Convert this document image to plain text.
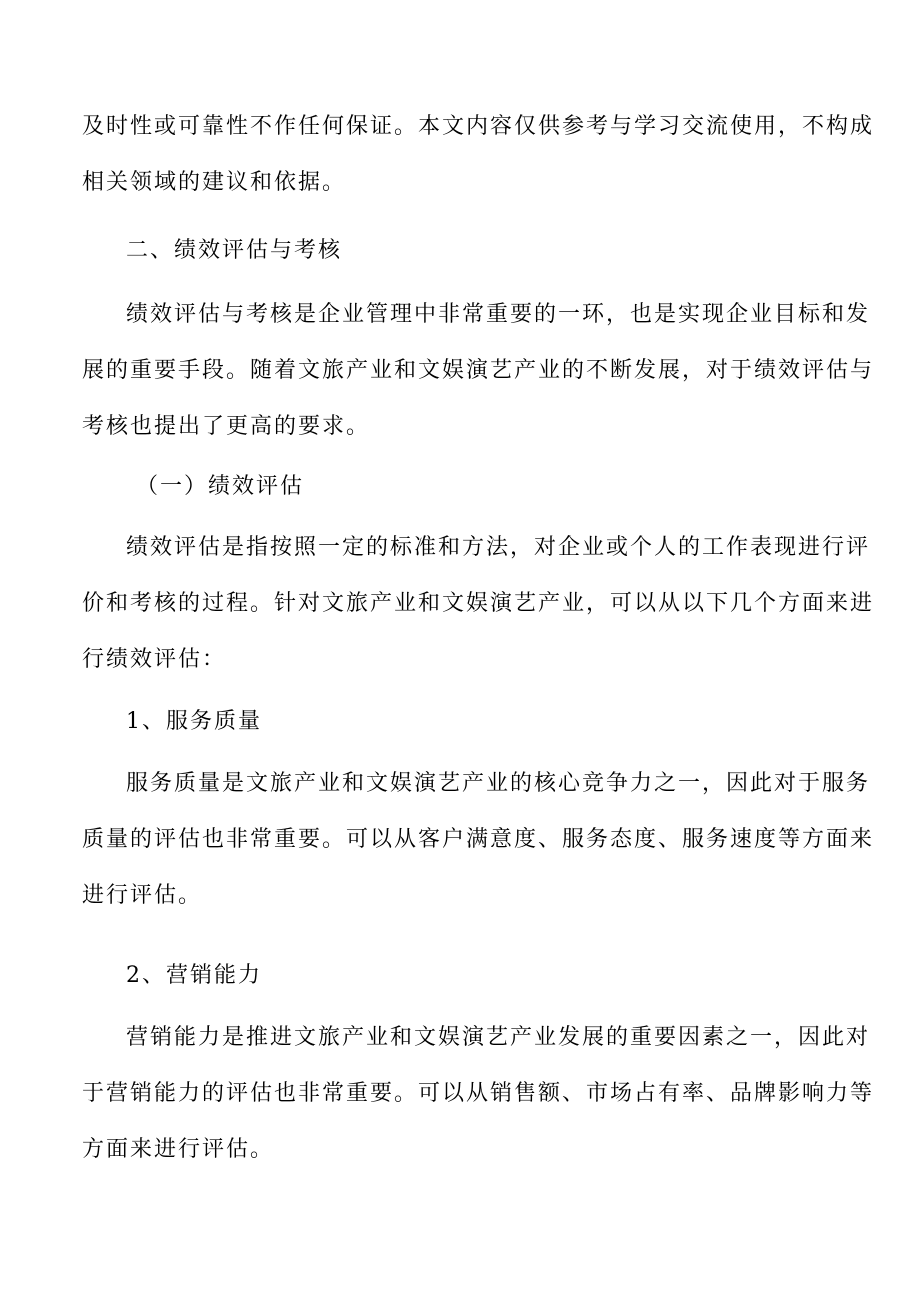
及时性或可靠性不作任何保证。本文内容仅供参考与学习交流使用，不构成
相关领域的建议和依据。
二、绩效评估与考核
绩效评估与考核是企业管理中非常重要的一环，也是实现企业目标和发
展的重要手段。随着文旅产业和文娱演艺产业的不断发展，对于绩效评估与
考核也提出了更高的要求。
（一）绩效评估
绩效评估是指按照一定的标准和方法，对企业或个人的工作表现进行评
价和考核的过程。针对文旅产业和文娱演艺产业，可以从以下几个方面来进
行绩效评估：
1、服务质量
服务质量是文旅产业和文娱演艺产业的核心竞争力之一，因此对于服务
质量的评估也非常重要。可以从客户满意度、服务态度、服务速度等方面来
进行评估。
2、营销能力
营销能力是推进文旅产业和文娱演艺产业发展的重要因素之一，因此对
于营销能力的评估也非常重要。可以从销售额、市场占有率、品牌影响力等
方面来进行评估。
